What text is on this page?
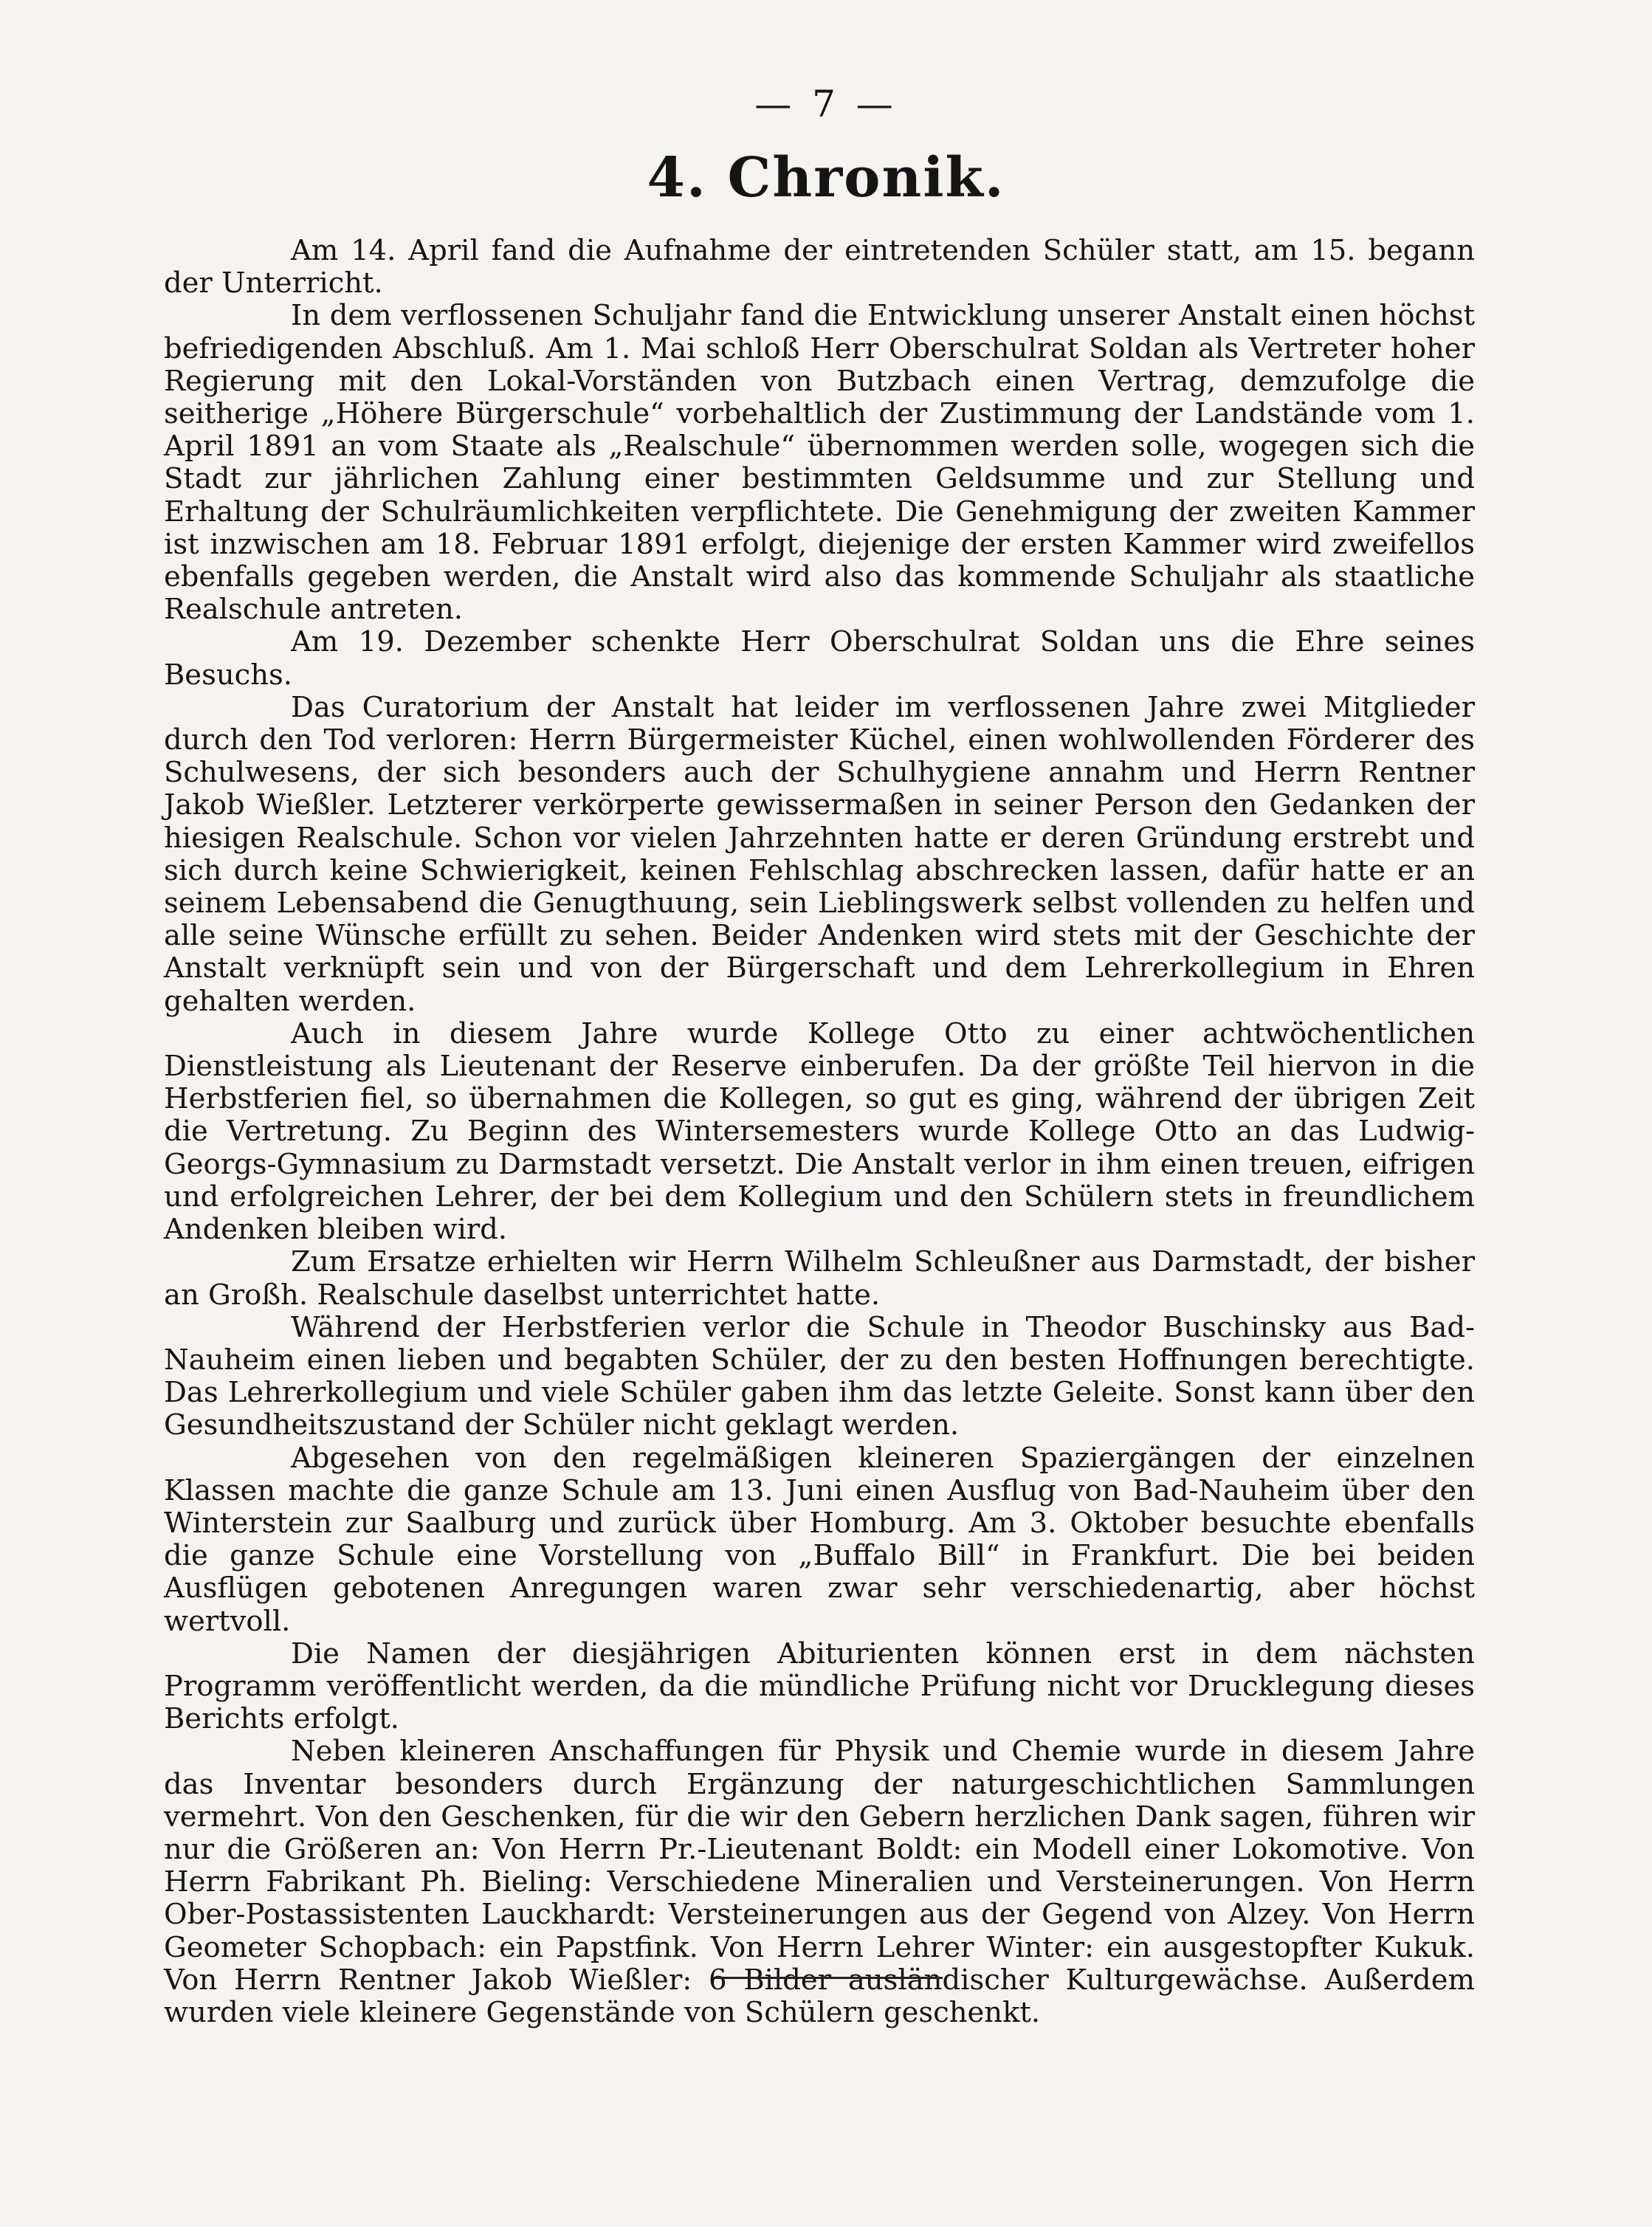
— 7 —
4. Chronik.

Am 14. April fand die Aufnahme der eintretenden Schüler statt, am 15. begann der Unterricht.

In dem verflossenen Schuljahr fand die Entwicklung unserer Anstalt einen höchst befriedigenden Abschluß. Am 1. Mai schloß Herr Oberschulrat Soldan als Vertreter hoher Regierung mit den Lokal-Vorständen von Butzbach einen Vertrag, demzufolge die seitherige „Höhere Bürgerschule“ vorbehaltlich der Zustimmung der Landstände vom 1. April 1891 an vom Staate als „Realschule“ übernommen werden solle, wogegen sich die Stadt zur jährlichen Zahlung einer bestimmten Geldsumme und zur Stellung und Erhaltung der Schulräumlichkeiten verpflichtete. Die Genehmigung der zweiten Kammer ist inzwischen am 18. Februar 1891 erfolgt, diejenige der ersten Kammer wird zweifellos ebenfalls gegeben werden, die Anstalt wird also das kommende Schuljahr als staatliche Realschule antreten.

Am 19. Dezember schenkte Herr Oberschulrat Soldan uns die Ehre seines Besuchs.

Das Curatorium der Anstalt hat leider im verflossenen Jahre zwei Mitglieder durch den Tod verloren: Herrn Bürgermeister Küchel, einen wohlwollenden Förderer des Schulwesens, der sich besonders auch der Schulhygiene annahm und Herrn Rentner Jakob Wießler. Letzterer verkörperte gewissermaßen in seiner Person den Gedanken der hiesigen Realschule. Schon vor vielen Jahrzehnten hatte er deren Gründung erstrebt und sich durch keine Schwierigkeit, keinen Fehlschlag abschrecken lassen, dafür hatte er an seinem Lebensabend die Genugthuung, sein Lieblingswerk selbst vollenden zu helfen und alle seine Wünsche erfüllt zu sehen. Beider Andenken wird stets mit der Geschichte der Anstalt verknüpft sein und von der Bürgerschaft und dem Lehrerkollegium in Ehren gehalten werden.

Auch in diesem Jahre wurde Kollege Otto zu einer achtwöchentlichen Dienstleistung als Lieutenant der Reserve einberufen. Da der größte Teil hiervon in die Herbstferien fiel, so übernahmen die Kollegen, so gut es ging, während der übrigen Zeit die Vertretung. Zu Beginn des Wintersemesters wurde Kollege Otto an das Ludwig-Georgs-Gymnasium zu Darmstadt versetzt. Die Anstalt verlor in ihm einen treuen, eifrigen und erfolgreichen Lehrer, der bei dem Kollegium und den Schülern stets in freundlichem Andenken bleiben wird.

Zum Ersatze erhielten wir Herrn Wilhelm Schleußner aus Darmstadt, der bisher an Großh. Realschule daselbst unterrichtet hatte.

Während der Herbstferien verlor die Schule in Theodor Buschinsky aus Bad-Nauheim einen lieben und begabten Schüler, der zu den besten Hoffnungen berechtigte. Das Lehrerkollegium und viele Schüler gaben ihm das letzte Geleite. Sonst kann über den Gesundheitszustand der Schüler nicht geklagt werden.

Abgesehen von den regelmäßigen kleineren Spaziergängen der einzelnen Klassen machte die ganze Schule am 13. Juni einen Ausflug von Bad-Nauheim über den Winterstein zur Saalburg und zurück über Homburg. Am 3. Oktober besuchte ebenfalls die ganze Schule eine Vorstellung von „Buffalo Bill“ in Frankfurt. Die bei beiden Ausflügen gebotenen Anregungen waren zwar sehr verschiedenartig, aber höchst wertvoll.

Die Namen der diesjährigen Abiturienten können erst in dem nächsten Programm veröffentlicht werden, da die mündliche Prüfung nicht vor Drucklegung dieses Berichts erfolgt.

Neben kleineren Anschaffungen für Physik und Chemie wurde in diesem Jahre das Inventar besonders durch Ergänzung der naturgeschichtlichen Sammlungen vermehrt. Von den Geschenken, für die wir den Gebern herzlichen Dank sagen, führen wir nur die Größeren an: Von Herrn Pr.-Lieutenant Boldt: ein Modell einer Lokomotive. Von Herrn Fabrikant Ph. Bieling: Verschiedene Mineralien und Versteinerungen. Von Herrn Ober-Postassistenten Lauckhardt: Versteinerungen aus der Gegend von Alzey. Von Herrn Geometer Schopbach: ein Papstfink. Von Herrn Lehrer Winter: ein ausgestopfter Kukuk. Von Herrn Rentner Jakob Wießler: 6 Bilder ausländischer Kulturgewächse. Außerdem wurden viele kleinere Gegenstände von Schülern geschenkt.
